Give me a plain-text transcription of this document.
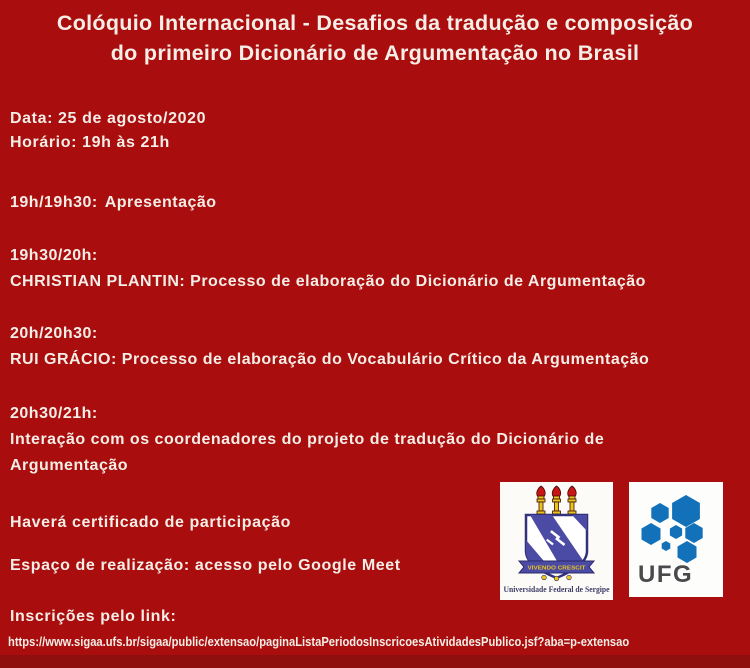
Colóquio Internacional - Desafios da tradução e composição
do primeiro Dicionário de Argumentação no Brasil
Data: 25 de agosto/2020
Horário: 19h às 21h
19h/19h30: Apresentação
19h30/20h:
CHRISTIAN PLANTIN: Processo de elaboração do Dicionário de Argumentação
20h/20h30:
RUI GRÁCIO: Processo de elaboração do Vocabulário Crítico da Argumentação
20h30/21h:
Interação com os coordenadores do projeto de tradução do Dicionário de Argumentação
Haverá certificado de participação
Espaço de realização: acesso pelo Google Meet
Inscrições pelo link:
https://www.sigaa.ufs.br/sigaa/public/extensao/paginaListaPeriodosInscricoesAtividadesPublico.jsf?aba=p-extensao
VIVENDO CRESCIT
Universidade Federal de Sergipe
UFG
